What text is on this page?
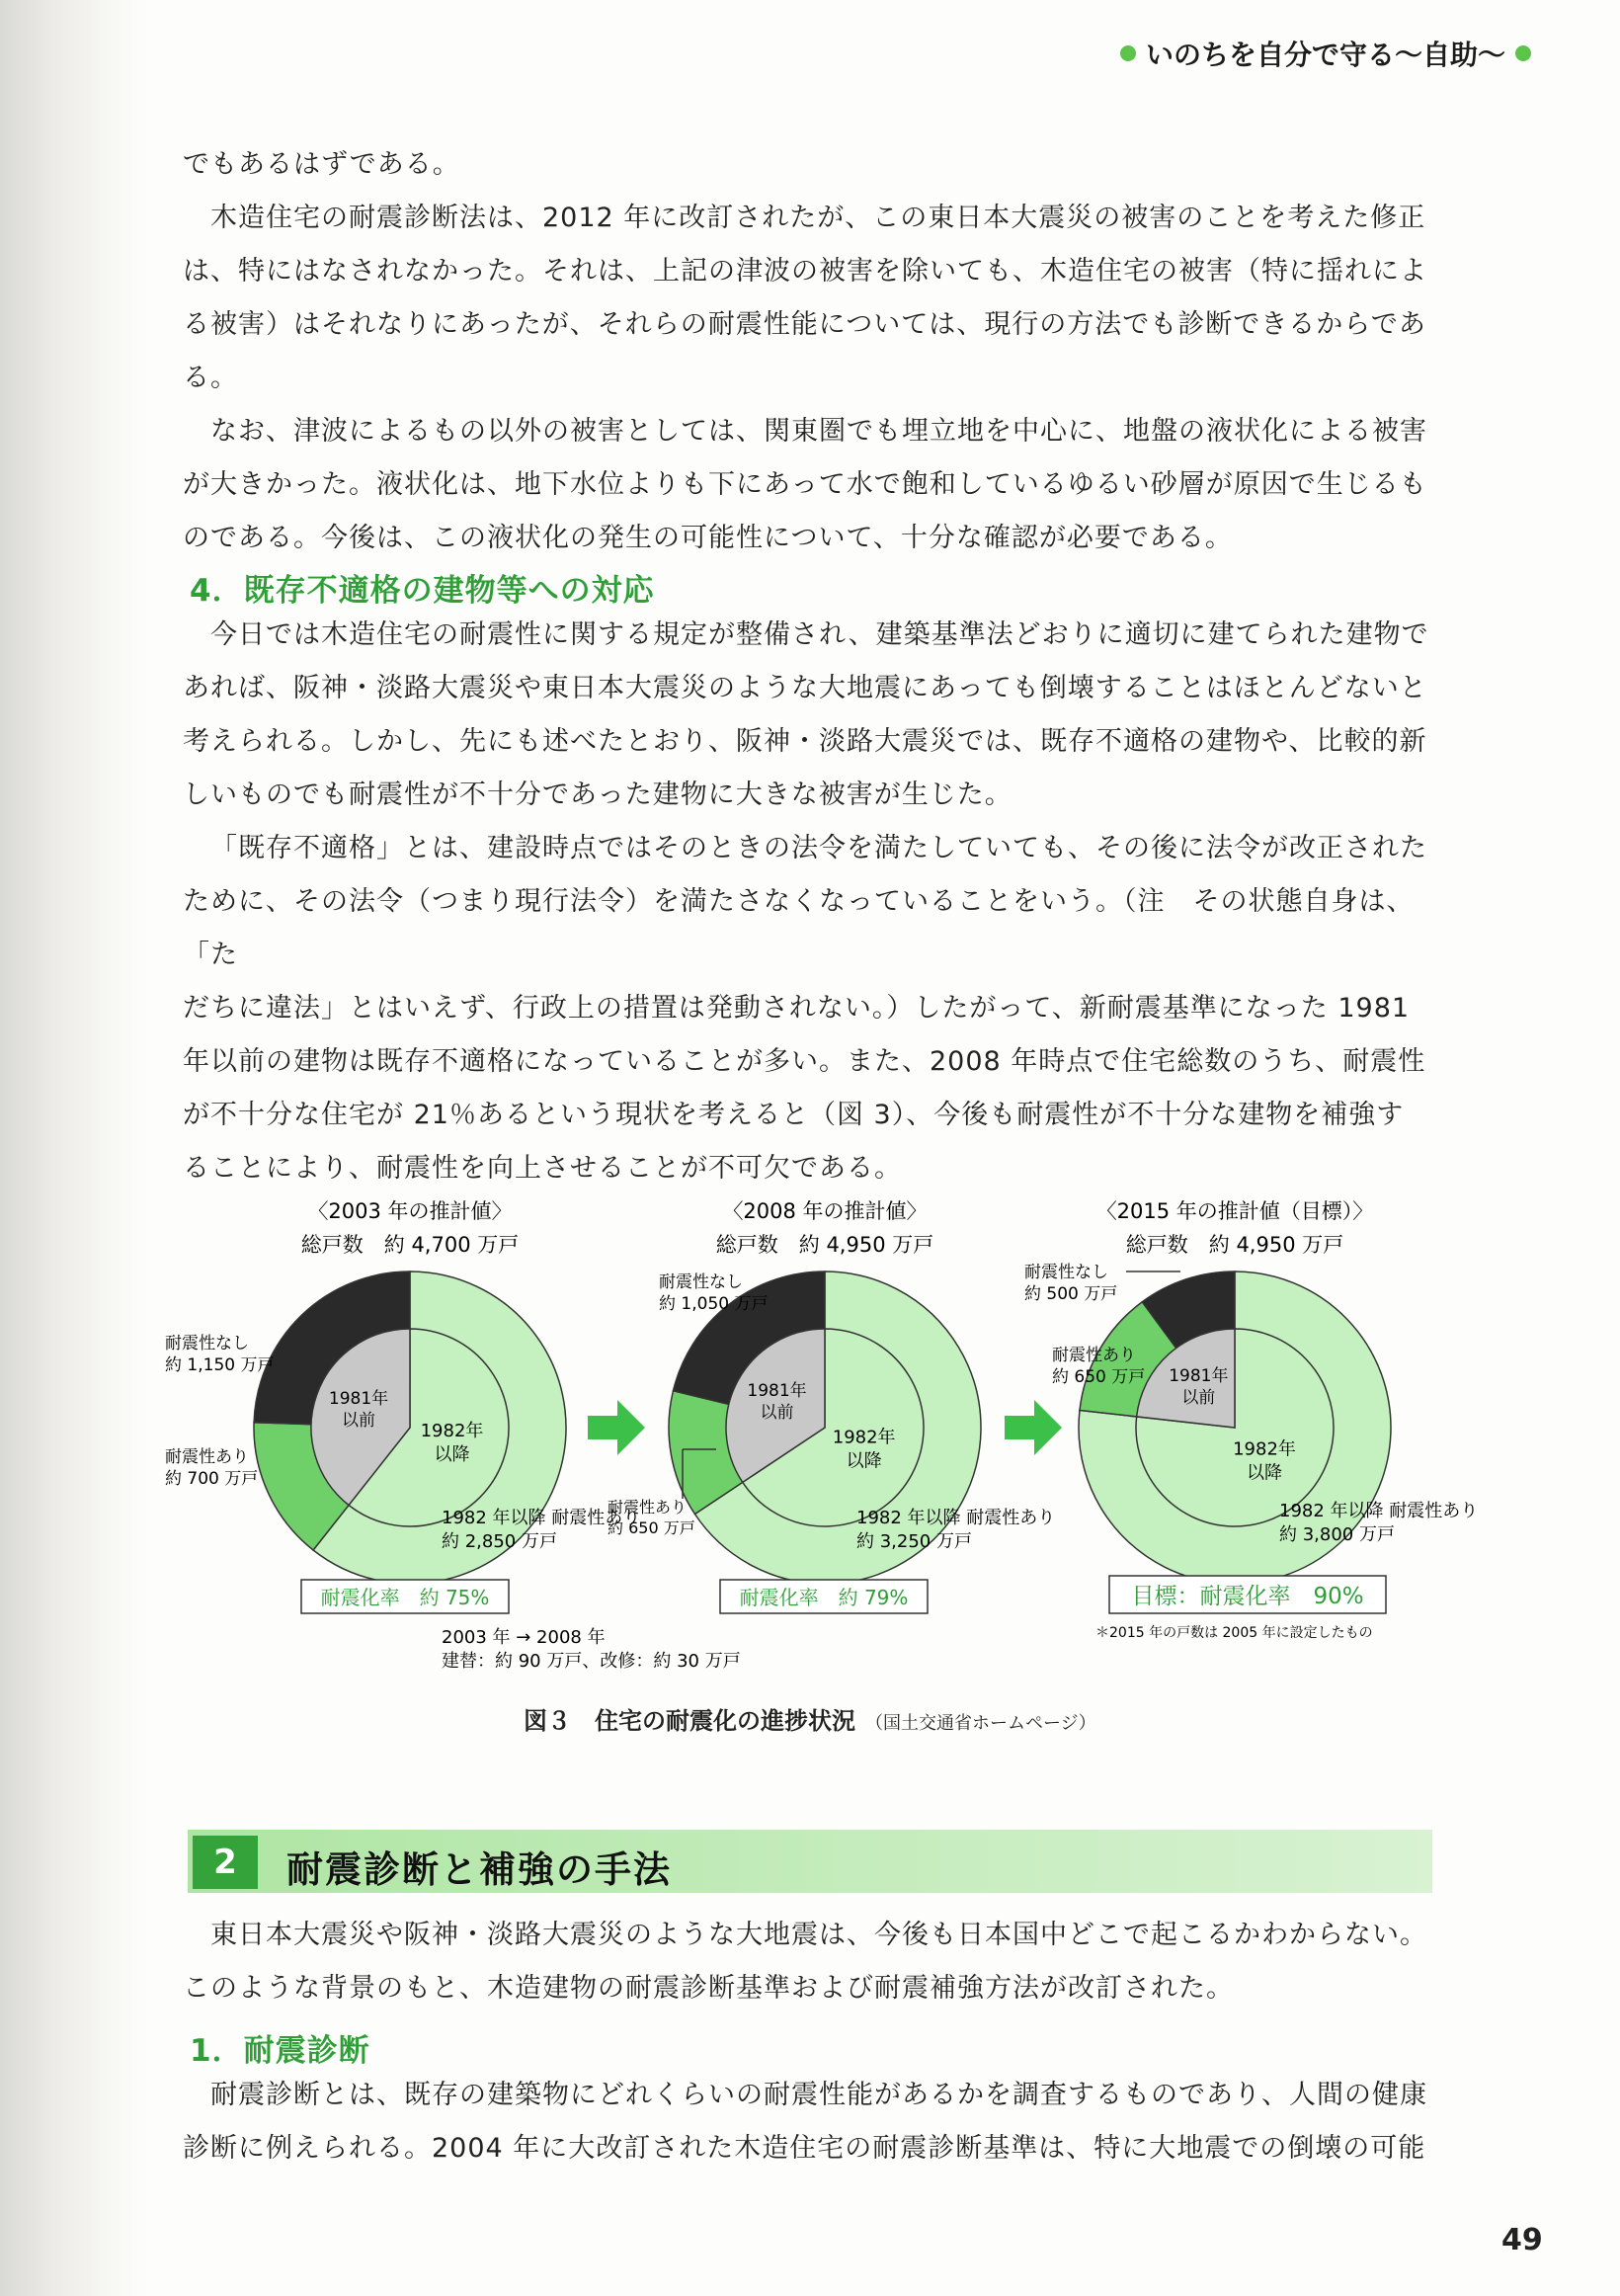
いのちを自分で守る〜自助〜

でもあるはずである。

木造住宅の耐震診断法は、2012 年に改訂されたが、この東日本大震災の被害のことを考えた修正

は、特にはなされなかった。それは、上記の津波の被害を除いても、木造住宅の被害（特に揺れによ

る被害）はそれなりにあったが、それらの耐震性能については、現行の方法でも診断できるからである。

なお、津波によるもの以外の被害としては、関東圏でも埋立地を中心に、地盤の液状化による被害

が大きかった。液状化は、地下水位よりも下にあって水で飽和しているゆるい砂層が原因で生じるも

のである。今後は、この液状化の発生の可能性について、十分な確認が必要である。

4．既存不適格の建物等への対応

今日では木造住宅の耐震性に関する規定が整備され、建築基準法どおりに適切に建てられた建物で

あれば、阪神・淡路大震災や東日本大震災のような大地震にあっても倒壊することはほとんどないと

考えられる。しかし、先にも述べたとおり、阪神・淡路大震災では、既存不適格の建物や、比較的新

しいものでも耐震性が不十分であった建物に大きな被害が生じた。

「既存不適格」とは、建設時点ではそのときの法令を満たしていても、その後に法令が改正された

ために、その法令（つまり現行法令）を満たさなくなっていることをいう。（注　その状態自身は、「た

だちに違法」とはいえず、行政上の措置は発動されない。）したがって、新耐震基準になった 1981

年以前の建物は既存不適格になっていることが多い。また、2008 年時点で住宅総数のうち、耐震性

が不十分な住宅が 21％あるという現状を考えると（図 3）、今後も耐震性が不十分な建物を補強す

ることにより、耐震性を向上させることが不可欠である。

〈2003 年の推計値〉	〈2008 年の推計値〉	〈2015 年の推計値（目標）〉
総戸数　約 4,700 万戸	総戸数　約 4,950 万戸	総戸数　約 4,950 万戸
1981年
以前	1982年
以降
1981年
以前
1982年
以降
1981年
以前
1982年
以降
耐震性なし約 1,150 万戸
耐震性あり約 700 万戸
1982 年以降 耐震性あり約 2,850 万戸
耐震性なし約 1,050 万戸
耐震性あり約 650 万戸	1982 年以降 耐震性あり約 3,250 万戸
耐震性なし約 500 万戸
耐震性あり約 650 万戸
1982 年以降 耐震性あり約 3,800 万戸
耐震化率　約 75%	耐震化率　約 79%	目標：耐震化率　90%
2003 年 → 2008 年
建替：約 90 万戸、改修：約 30 万戸
＊2015 年の戸数は 2005 年に設定したもの
図３　住宅の耐震化の進捗状況 （国土交通省ホームページ）
2	耐震診断と補強の手法

東日本大震災や阪神・淡路大震災のような大地震は、今後も日本国中どこで起こるかわからない。

このような背景のもと、木造建物の耐震診断基準および耐震補強方法が改訂された。

1．耐震診断

耐震診断とは、既存の建築物にどれくらいの耐震性能があるかを調査するものであり、人間の健康

診断に例えられる。2004 年に大改訂された木造住宅の耐震診断基準は、特に大地震での倒壊の可能

49
